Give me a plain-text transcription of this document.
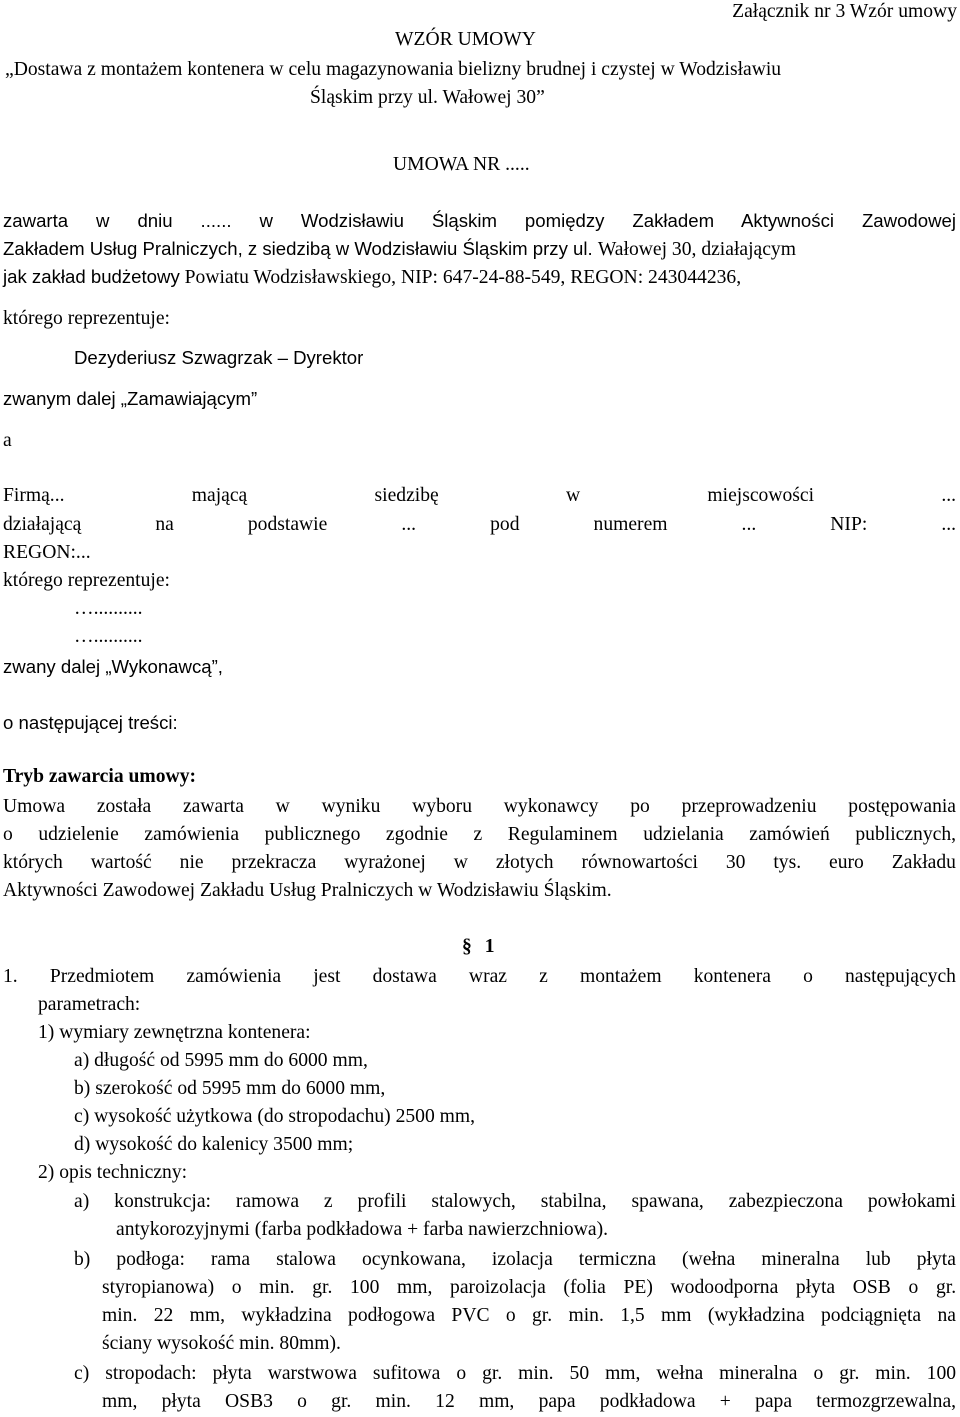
Załącznik nr 3 Wzór umowy
WZÓR UMOWY
„Dostawa z montażem kontenera w celu magazynowania bielizny brudnej i czystej w Wodzisławiu
Śląskim przy ul. Wałowej 30”
UMOWA NR .....
zawarta w dniu ...... w Wodzisławiu Śląskim pomiędzy Zakładem Aktywności Zawodowej
Zakładem Usług Pralniczych, z siedzibą w Wodzisławiu Śląskim przy ul. Wałowej 30, działającym
jak zakład budżetowy Powiatu Wodzisławskiego, NIP: 647-24-88-549, REGON: 243044236,
którego reprezentuje:
Dezyderiusz Szwagrzak – Dyrektor
zwanym dalej „Zamawiającym”
a
Firmą...	mającą	siedzibę	w	miejscowości	...
działającą	na	podstawie	...	pod	numerem	...	NIP:	...
REGON:...
którego reprezentuje:
…..........
…..........
zwany dalej „Wykonawcą”,
o następującej treści:
Tryb zawarcia umowy:
Umowa została zawarta w wyniku wyboru wykonawcy po przeprowadzeniu postępowania
o udzielenie zamówienia publicznego zgodnie z Regulaminem udzielania zamówień publicznych,
których wartość nie przekracza wyrażonej w złotych równowartości 30 tys. euro Zakładu
Aktywności Zawodowej Zakładu Usług Pralniczych w Wodzisławiu Śląskim.
§ 1
1. Przedmiotem zamówienia jest dostawa wraz z montażem kontenera o następujących
parametrach:
1) wymiary zewnętrzna kontenera:
a) długość od 5995 mm do 6000 mm,
b) szerokość od 5995 mm do 6000 mm,
c) wysokość użytkowa (do stropodachu) 2500 mm,
d) wysokość do kalenicy 3500 mm;
2) opis techniczny:
a) konstrukcja: ramowa z profili stalowych, stabilna, spawana, zabezpieczona powłokami
antykorozyjnymi (farba podkładowa + farba nawierzchniowa).
b) podłoga: rama stalowa ocynkowana, izolacja termiczna (wełna mineralna lub płyta
styropianowa) o min. gr. 100 mm, paroizolacja (folia PE) wodoodporna płyta OSB o gr.
min. 22 mm, wykładzina podłogowa PVC o gr. min. 1,5 mm (wykładzina podciągnięta na
ściany wysokość min. 80mm).
c) stropodach: płyta warstwowa sufitowa o gr. min. 50 mm, wełna mineralna o gr. min. 100
mm, płyta OSB3 o gr. min. 12 mm, papa podkładowa + papa termozgrzewalna,
